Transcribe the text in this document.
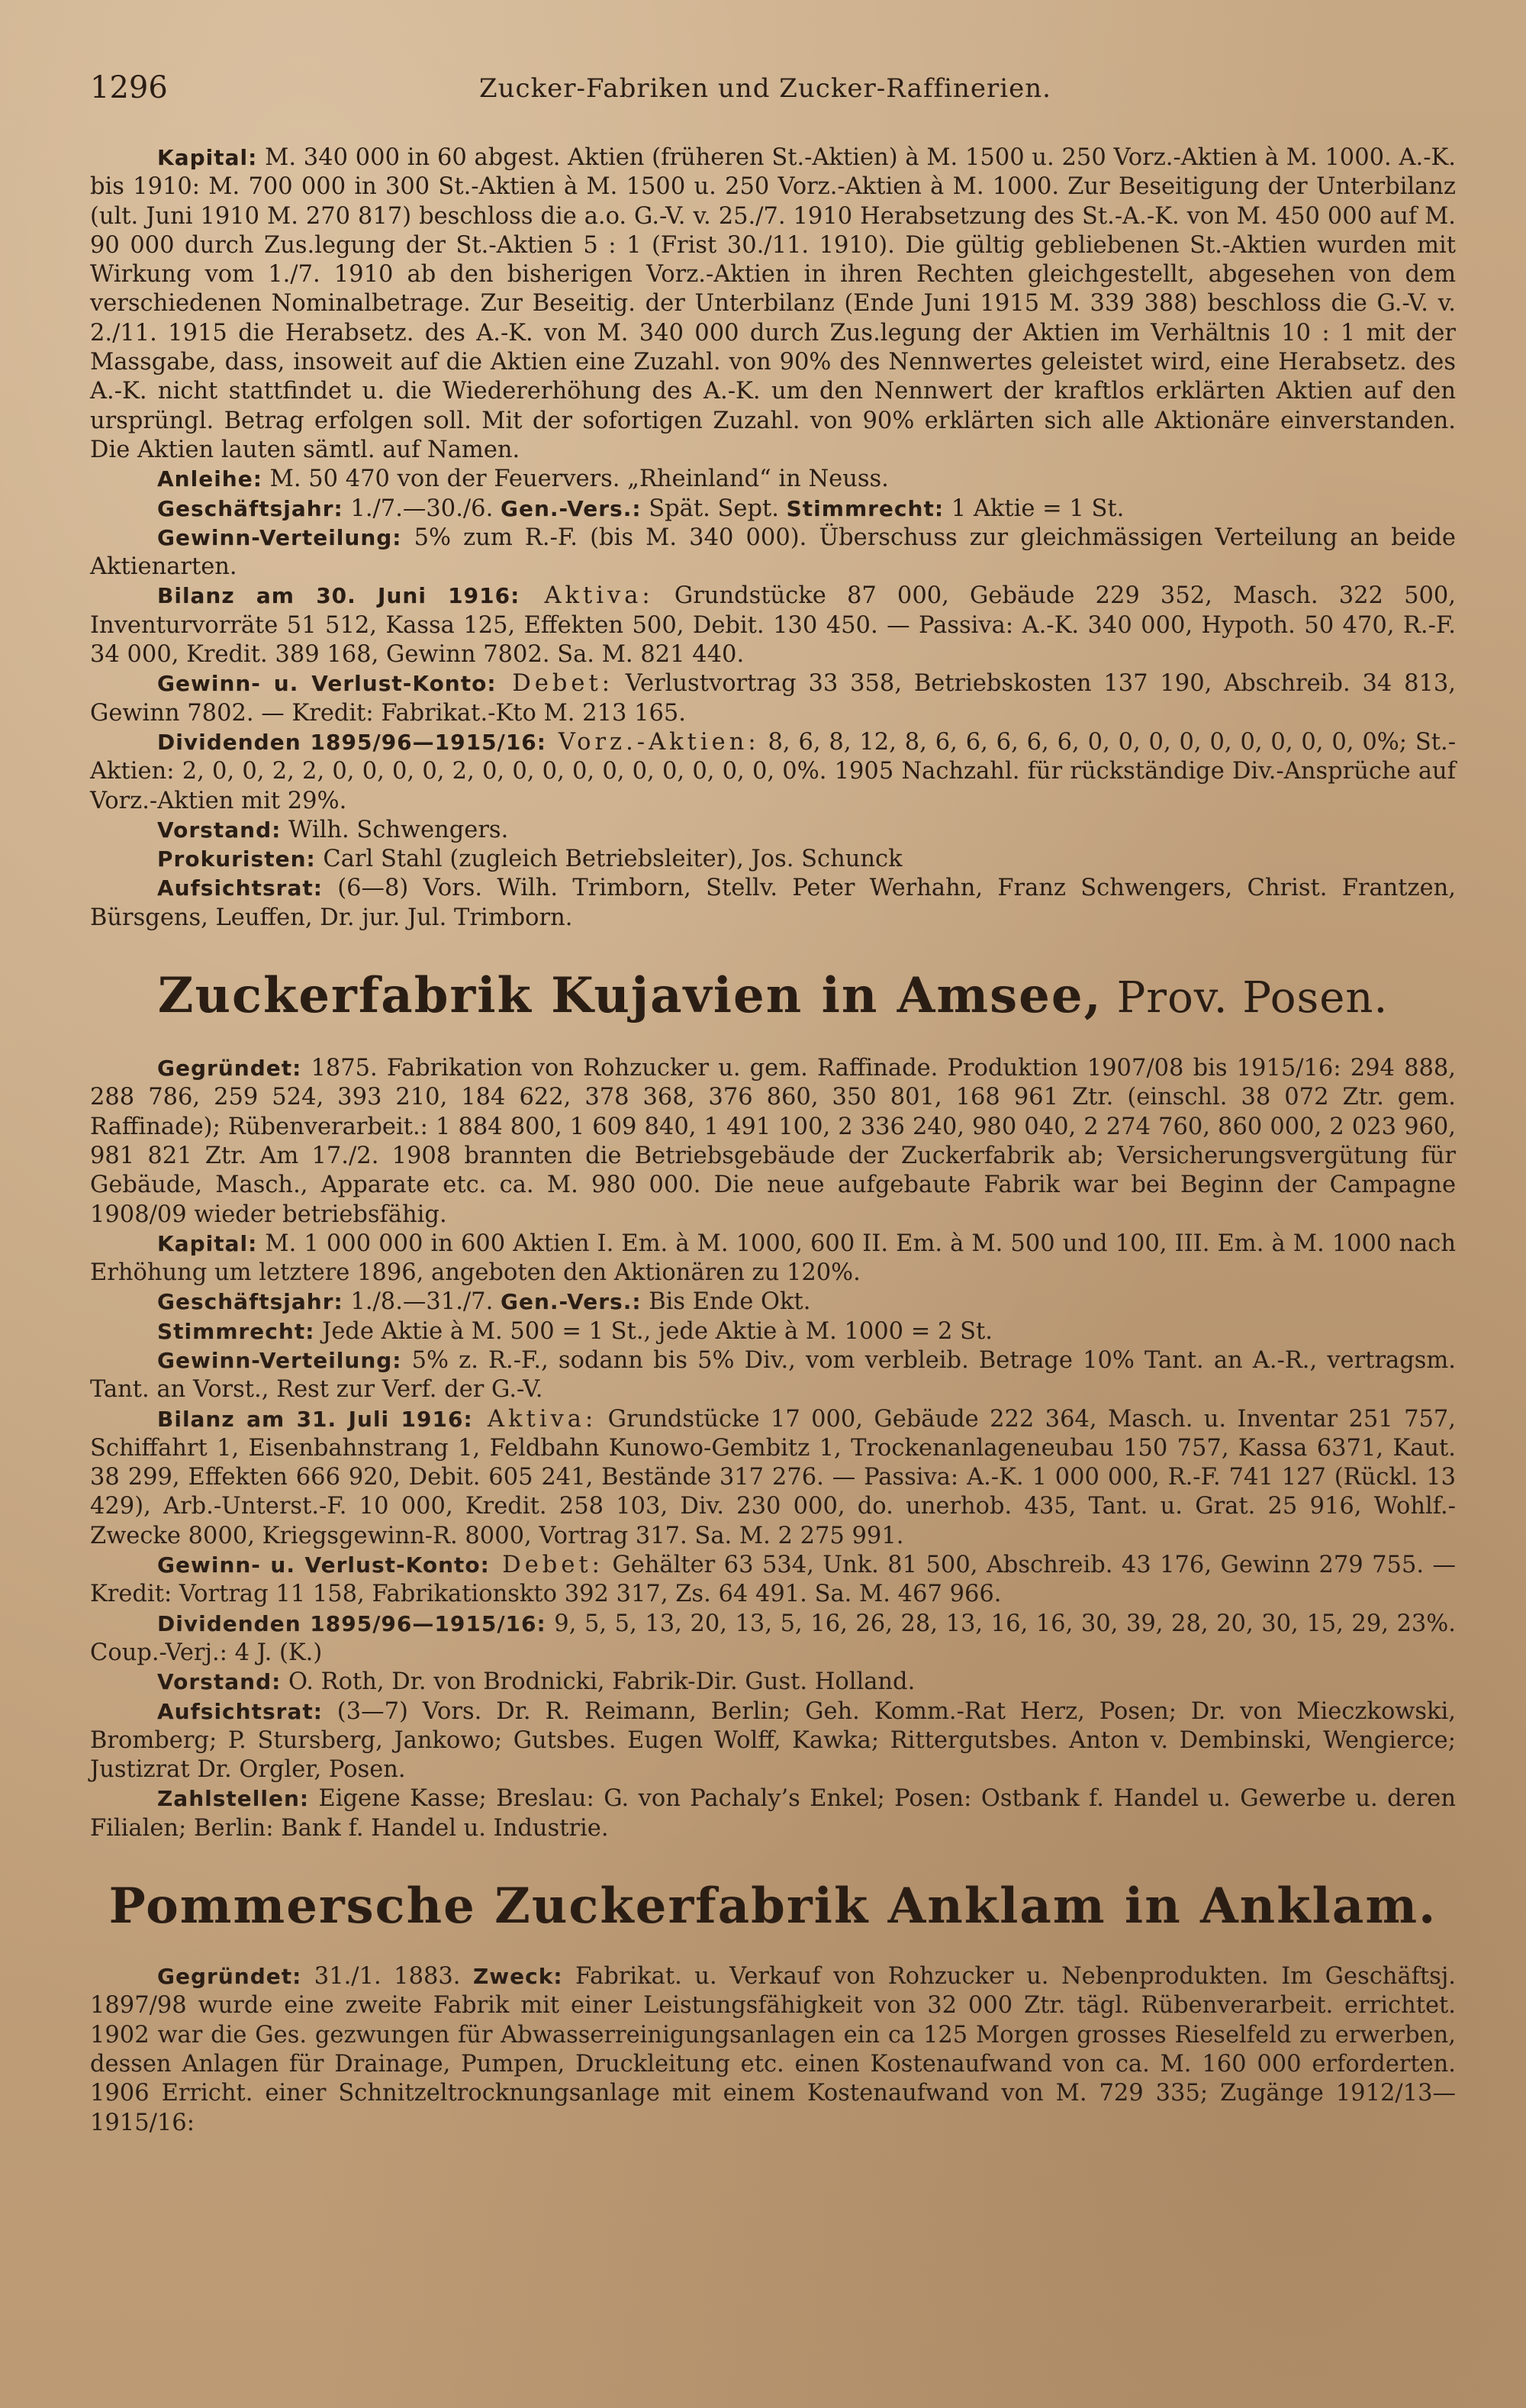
1296	Zucker-Fabriken und Zucker-Raffinerien.

Kapital: M. 340 000 in 60 abgest. Aktien (früheren St.-Aktien) à M. 1500 u. 250 Vorz.-Aktien à M. 1000. A.-K. bis 1910: M. 700 000 in 300 St.-Aktien à M. 1500 u. 250 Vorz.-Aktien à M. 1000. Zur Beseitigung der Unterbilanz (ult. Juni 1910 M. 270 817) beschloss die a.o. G.-V. v. 25./7. 1910 Herabsetzung des St.-A.-K. von M. 450 000 auf M. 90 000 durch Zus.legung der St.-Aktien 5 : 1 (Frist 30./11. 1910). Die gültig gebliebenen St.-Aktien wurden mit Wirkung vom 1./7. 1910 ab den bisherigen Vorz.-Aktien in ihren Rechten gleichgestellt, abgesehen von dem verschiedenen Nominalbetrage. Zur Beseitig. der Unterbilanz (Ende Juni 1915 M. 339 388) beschloss die G.-V. v. 2./11. 1915 die Herabsetz. des A.-K. von M. 340 000 durch Zus.legung der Aktien im Verhältnis 10 : 1 mit der Massgabe, dass, insoweit auf die Aktien eine Zuzahl. von 90% des Nennwertes geleistet wird, eine Herabsetz. des A.-K. nicht stattfindet u. die Wiedererhöhung des A.-K. um den Nennwert der kraftlos erklärten Aktien auf den ursprüngl. Betrag erfolgen soll. Mit der sofortigen Zuzahl. von 90% erklärten sich alle Aktionäre einverstanden. Die Aktien lauten sämtl. auf Namen.

Anleihe: M. 50 470 von der Feuervers. „Rheinland“ in Neuss.

Geschäftsjahr: 1./7.—30./6. Gen.-Vers.: Spät. Sept. Stimmrecht: 1 Aktie = 1 St.

Gewinn-Verteilung: 5% zum R.-F. (bis M. 340 000). Überschuss zur gleichmässigen Verteilung an beide Aktienarten.

Bilanz am 30. Juni 1916: Aktiva: Grundstücke 87 000, Gebäude 229 352, Masch. 322 500, Inventurvorräte 51 512, Kassa 125, Effekten 500, Debit. 130 450. — Passiva: A.-K. 340 000, Hypoth. 50 470, R.-F. 34 000, Kredit. 389 168, Gewinn 7802. Sa. M. 821 440.

Gewinn- u. Verlust-Konto: Debet: Verlustvortrag 33 358, Betriebskosten 137 190, Abschreib. 34 813, Gewinn 7802. — Kredit: Fabrikat.-Kto M. 213 165.

Dividenden 1895/96—1915/16: Vorz.-Aktien: 8, 6, 8, 12, 8, 6, 6, 6, 6, 6, 0, 0, 0, 0, 0, 0, 0, 0, 0, 0%; St.-Aktien: 2, 0, 0, 2, 2, 0, 0, 0, 0, 2, 0, 0, 0, 0, 0, 0, 0, 0, 0, 0, 0%. 1905 Nachzahl. für rückständige Div.-Ansprüche auf Vorz.-Aktien mit 29%.

Vorstand: Wilh. Schwengers.

Prokuristen: Carl Stahl (zugleich Betriebsleiter), Jos. Schunck

Aufsichtsrat: (6—8) Vors. Wilh. Trimborn, Stellv. Peter Werhahn, Franz Schwengers, Christ. Frantzen, Bürsgens, Leuffen, Dr. jur. Jul. Trimborn.

Zuckerfabrik Kujavien in Amsee, Prov. Posen.

Gegründet: 1875. Fabrikation von Rohzucker u. gem. Raffinade. Produktion 1907/08 bis 1915/16: 294 888, 288 786, 259 524, 393 210, 184 622, 378 368, 376 860, 350 801, 168 961 Ztr. (einschl. 38 072 Ztr. gem. Raffinade); Rübenverarbeit.: 1 884 800, 1 609 840, 1 491 100, 2 336 240, 980 040, 2 274 760, 860 000, 2 023 960, 981 821 Ztr. Am 17./2. 1908 brannten die Betriebsgebäude der Zuckerfabrik ab; Versicherungsvergütung für Gebäude, Masch., Apparate etc. ca. M. 980 000. Die neue aufgebaute Fabrik war bei Beginn der Campagne 1908/09 wieder betriebsfähig.

Kapital: M. 1 000 000 in 600 Aktien I. Em. à M. 1000, 600 II. Em. à M. 500 und 100, III. Em. à M. 1000 nach Erhöhung um letztere 1896, angeboten den Aktionären zu 120%.

Geschäftsjahr: 1./8.—31./7. Gen.-Vers.: Bis Ende Okt.

Stimmrecht: Jede Aktie à M. 500 = 1 St., jede Aktie à M. 1000 = 2 St.

Gewinn-Verteilung: 5% z. R.-F., sodann bis 5% Div., vom verbleib. Betrage 10% Tant. an A.-R., vertragsm. Tant. an Vorst., Rest zur Verf. der G.-V.

Bilanz am 31. Juli 1916: Aktiva: Grundstücke 17 000, Gebäude 222 364, Masch. u. Inventar 251 757, Schiffahrt 1, Eisenbahnstrang 1, Feldbahn Kunowo-Gembitz 1, Trockenanlageneubau 150 757, Kassa 6371, Kaut. 38 299, Effekten 666 920, Debit. 605 241, Bestände 317 276. — Passiva: A.-K. 1 000 000, R.-F. 741 127 (Rückl. 13 429), Arb.-Unterst.-F. 10 000, Kredit. 258 103, Div. 230 000, do. unerhob. 435, Tant. u. Grat. 25 916, Wohlf.-Zwecke 8000, Kriegsgewinn-R. 8000, Vortrag 317. Sa. M. 2 275 991.

Gewinn- u. Verlust-Konto: Debet: Gehälter 63 534, Unk. 81 500, Abschreib. 43 176, Gewinn 279 755. — Kredit: Vortrag 11 158, Fabrikationskto 392 317, Zs. 64 491. Sa. M. 467 966.

Dividenden 1895/96—1915/16: 9, 5, 5, 13, 20, 13, 5, 16, 26, 28, 13, 16, 16, 30, 39, 28, 20, 30, 15, 29, 23%. Coup.-Verj.: 4 J. (K.)

Vorstand: O. Roth, Dr. von Brodnicki, Fabrik-Dir. Gust. Holland.

Aufsichtsrat: (3—7) Vors. Dr. R. Reimann, Berlin; Geh. Komm.-Rat Herz, Posen; Dr. von Mieczkowski, Bromberg; P. Stursberg, Jankowo; Gutsbes. Eugen Wolff, Kawka; Rittergutsbes. Anton v. Dembinski, Wengierce; Justizrat Dr. Orgler, Posen.

Zahlstellen: Eigene Kasse; Breslau: G. von Pachaly’s Enkel; Posen: Ostbank f. Handel u. Gewerbe u. deren Filialen; Berlin: Bank f. Handel u. Industrie.

Pommersche Zuckerfabrik Anklam in Anklam.

Gegründet: 31./1. 1883. Zweck: Fabrikat. u. Verkauf von Rohzucker u. Nebenprodukten. Im Geschäftsj. 1897/98 wurde eine zweite Fabrik mit einer Leistungsfähigkeit von 32 000 Ztr. tägl. Rübenverarbeit. errichtet. 1902 war die Ges. gezwungen für Abwasserreinigungsanlagen ein ca 125 Morgen grosses Rieselfeld zu erwerben, dessen Anlagen für Drainage, Pumpen, Druckleitung etc. einen Kostenaufwand von ca. M. 160 000 erforderten. 1906 Erricht. einer Schnitzeltrocknungsanlage mit einem Kostenaufwand von M. 729 335; Zugänge 1912/13—1915/16:
